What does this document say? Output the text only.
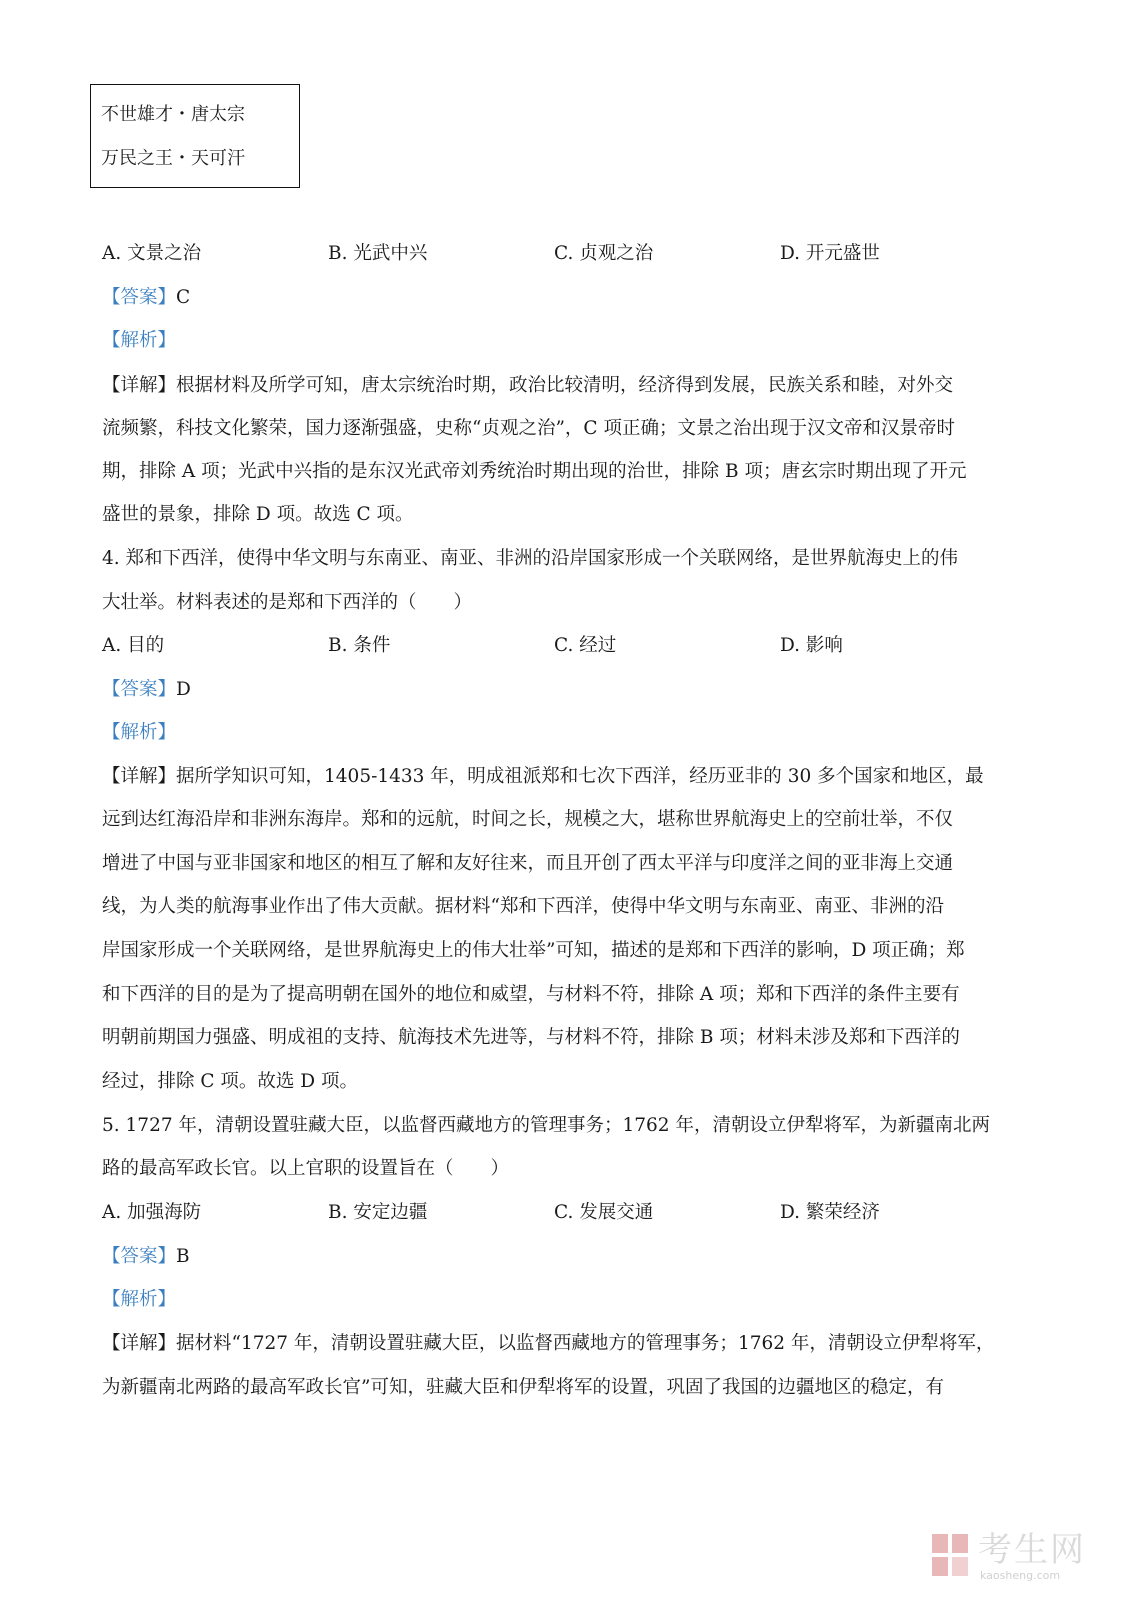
不世雄才・唐太宗
万民之王・天可汗
A. 文景之治	B. 光武中兴	C. 贞观之治	D. 开元盛世
【答案】C
【解析】
【详解】根据材料及所学可知，唐太宗统治时期，政治比较清明，经济得到发展，民族关系和睦，对外交
流频繁，科技文化繁荣，国力逐渐强盛，史称“贞观之治”，C 项正确；文景之治出现于汉文帝和汉景帝时
期，排除 A 项；光武中兴指的是东汉光武帝刘秀统治时期出现的治世，排除 B 项；唐玄宗时期出现了开元
盛世的景象，排除 D 项。故选 C 项。
4. 郑和下西洋，使得中华文明与东南亚、南亚、非洲的沿岸国家形成一个关联网络，是世界航海史上的伟
大壮举。材料表述的是郑和下西洋的（　　）
A. 目的	B. 条件	C. 经过	D. 影响
【答案】D
【解析】
【详解】据所学知识可知，1405-1433 年，明成祖派郑和七次下西洋，经历亚非的 30 多个国家和地区，最
远到达红海沿岸和非洲东海岸。郑和的远航，时间之长，规模之大，堪称世界航海史上的空前壮举，不仅
增进了中国与亚非国家和地区的相互了解和友好往来，而且开创了西太平洋与印度洋之间的亚非海上交通
线，为人类的航海事业作出了伟大贡献。据材料“郑和下西洋，使得中华文明与东南亚、南亚、非洲的沿
岸国家形成一个关联网络，是世界航海史上的伟大壮举”可知，描述的是郑和下西洋的影响，D 项正确；郑
和下西洋的目的是为了提高明朝在国外的地位和威望，与材料不符，排除 A 项；郑和下西洋的条件主要有
明朝前期国力强盛、明成祖的支持、航海技术先进等，与材料不符，排除 B 项；材料未涉及郑和下西洋的
经过，排除 C 项。故选 D 项。
5. 1727 年，清朝设置驻藏大臣，以监督西藏地方的管理事务；1762 年，清朝设立伊犁将军，为新疆南北两
路的最高军政长官。以上官职的设置旨在（　　）
A. 加强海防	B. 安定边疆	C. 发展交通	D. 繁荣经济
【答案】B
【解析】
【详解】据材料“1727 年，清朝设置驻藏大臣，以监督西藏地方的管理事务；1762 年，清朝设立伊犁将军，
为新疆南北两路的最高军政长官”可知，驻藏大臣和伊犁将军的设置，巩固了我国的边疆地区的稳定，有
考生网
kaosheng.com
